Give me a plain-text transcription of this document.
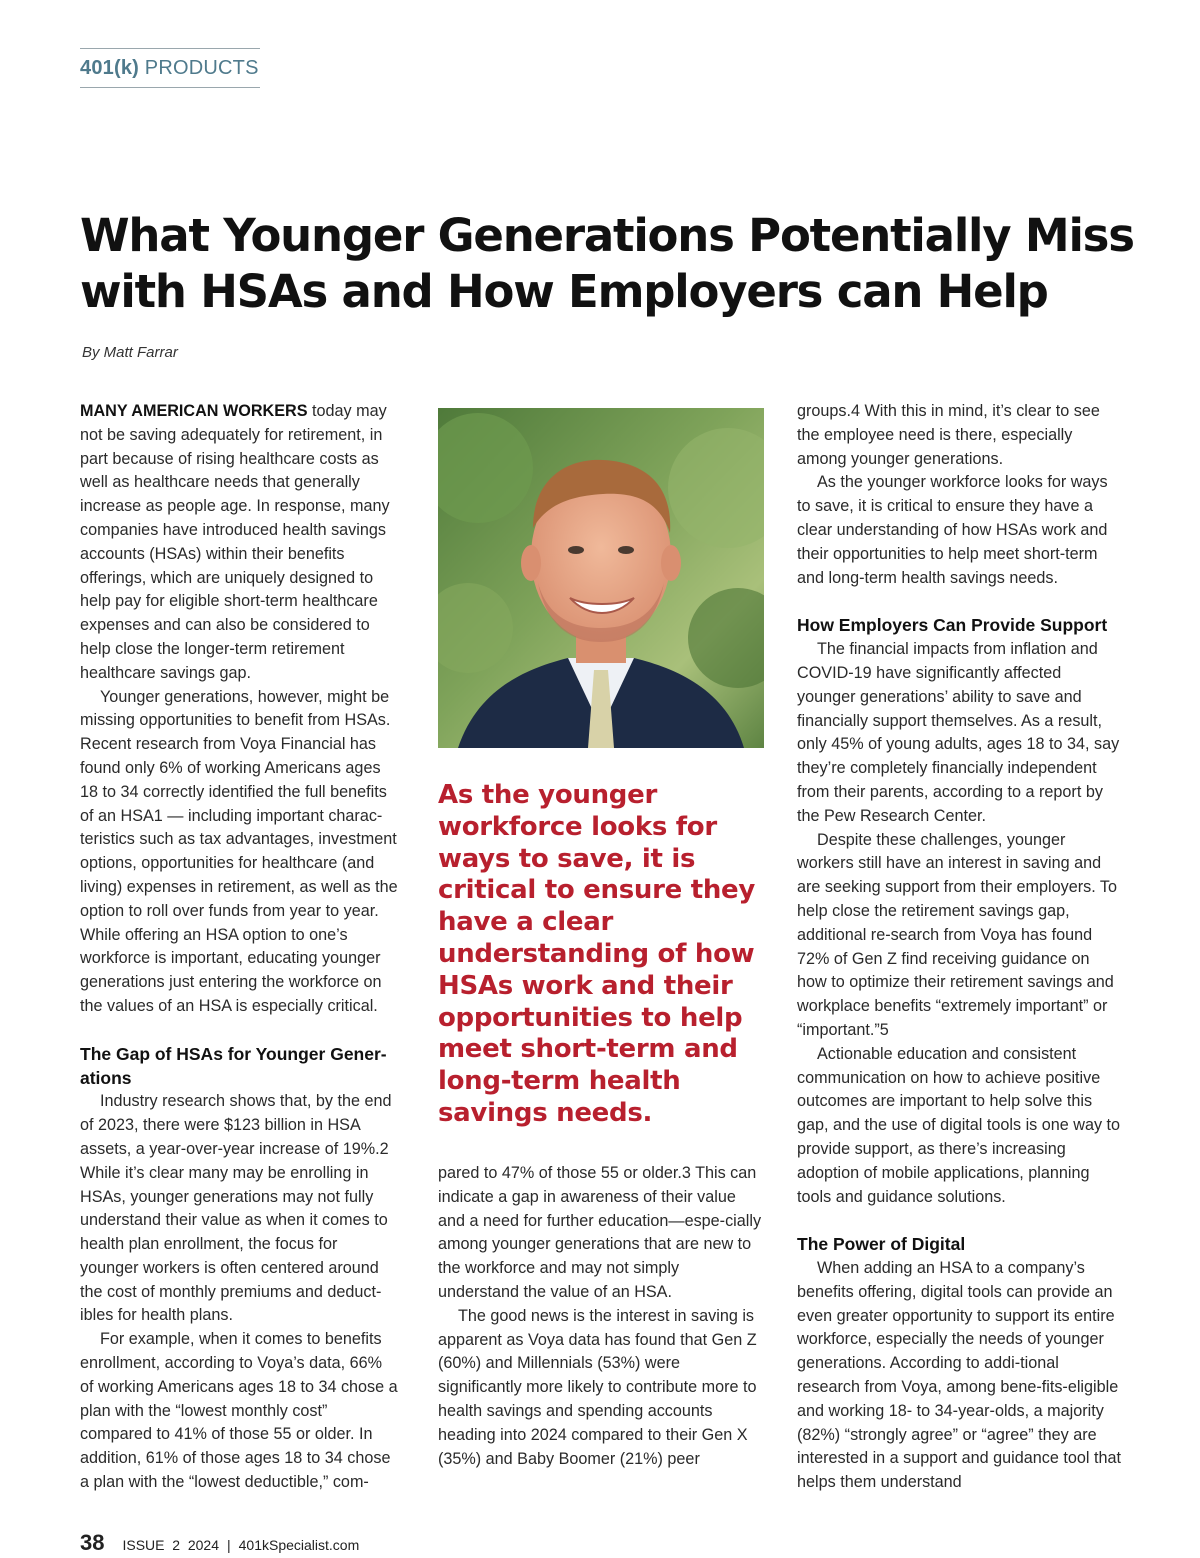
401(k) PRODUCTS
What Younger Generations Potentially Miss with HSAs and How Employers can Help
By Matt Farrar

MANY AMERICAN WORKERS today may not be saving adequately for retirement, in part because of rising healthcare costs as well as healthcare needs that generally increase as people age. In response, many companies have introduced health savings accounts (HSAs) within their benefits offerings, which are uniquely designed to help pay for eligible short-term healthcare expenses and can also be considered to help close the longer-term retirement healthcare savings gap.

Younger generations, however, might be missing opportunities to benefit from HSAs. Recent research from Voya Financial has found only 6% of working Americans ages 18 to 34 correctly identified the full benefits of an HSA1 — including important charac-teristics such as tax advantages, investment options, opportunities for healthcare (and living) expenses in retirement, as well as the option to roll over funds from year to year. While offering an HSA option to one’s workforce is important, educating younger generations just entering the workforce on the values of an HSA is especially critical.

The Gap of HSAs for Younger Gener-ations

Industry research shows that, by the end of 2023, there were $123 billion in HSA assets, a year-over-year increase of 19%.2 While it’s clear many may be enrolling in HSAs, younger generations may not fully understand their value as when it comes to health plan enrollment, the focus for younger workers is often centered around the cost of monthly premiums and deduct-ibles for health plans.

For example, when it comes to benefits enrollment, according to Voya’s data, 66% of working Americans ages 18 to 34 chose a plan with the “lowest monthly cost” compared to 41% of those 55 or older. In addition, 61% of those ages 18 to 34 chose a plan with the “lowest deductible,” com-

As the younger workforce looks for ways to save, it is critical to ensure they have a clear understanding of how HSAs work and their opportunities to help meet short-term and long-term health savings needs.

pared to 47% of those 55 or older.3 This can indicate a gap in awareness of their value and a need for further education—espe-cially among younger generations that are new to the workforce and may not simply understand the value of an HSA.

The good news is the interest in saving is apparent as Voya data has found that Gen Z (60%) and Millennials (53%) were significantly more likely to contribute more to health savings and spending accounts heading into 2024 compared to their Gen X (35%) and Baby Boomer (21%) peer

groups.4 With this in mind, it’s clear to see the employee need is there, especially among younger generations.

As the younger workforce looks for ways to save, it is critical to ensure they have a clear understanding of how HSAs work and their opportunities to help meet short-term and long-term health savings needs.

How Employers Can Provide Support

The financial impacts from inflation and COVID-19 have significantly affected younger generations’ ability to save and financially support themselves. As a result, only 45% of young adults, ages 18 to 34, say they’re completely financially independent from their parents, according to a report by the Pew Research Center.

Despite these challenges, younger workers still have an interest in saving and are seeking support from their employers. To help close the retirement savings gap, additional re-search from Voya has found 72% of Gen Z find receiving guidance on how to optimize their retirement savings and workplace benefits “extremely important” or “important.”5

Actionable education and consistent communication on how to achieve positive outcomes are important to help solve this gap, and the use of digital tools is one way to provide support, as there’s increasing adoption of mobile applications, planning tools and guidance solutions.

The Power of Digital

When adding an HSA to a company’s benefits offering, digital tools can provide an even greater opportunity to support its entire workforce, especially the needs of younger generations. According to addi-tional research from Voya, among bene-fits-eligible and working 18- to 34-year-olds, a majority (82%) “strongly agree” or “agree” they are interested in a support and guidance tool that helps them understand

38 ISSUE  2  2024 | 401kSpecialist.com
